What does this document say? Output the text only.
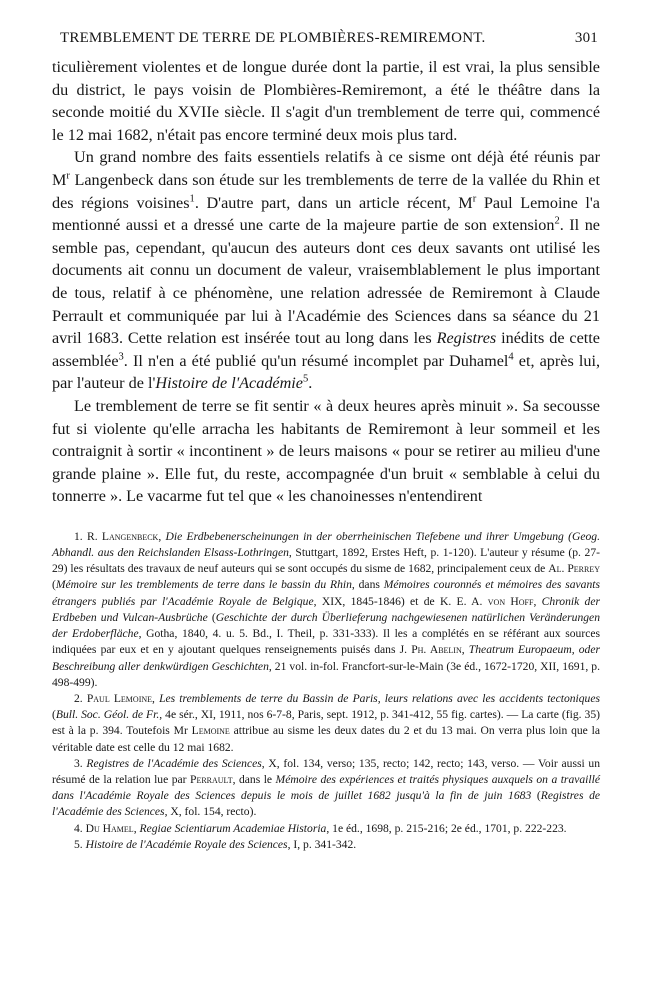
TREMBLEMENT DE TERRE DE PLOMBIÈRES-REMIREMONT.	301

ticulièrement violentes et de longue durée dont la partie, il est vrai, la plus sensible du district, le pays voisin de Plombières-Remiremont, a été le théâtre dans la seconde moitié du XVIIe siècle. Il s'agit d'un tremblement de terre qui, commencé le 12 mai 1682, n'était pas encore terminé deux mois plus tard.

Un grand nombre des faits essentiels relatifs à ce sisme ont déjà été réunis par $M^r$ Langenbeck dans son étude sur les tremblements de terre de la vallée du Rhin et des régions voisines$^1$. D'autre part, dans un article récent, $M^r$ Paul Lemoine l'a mentionné aussi et a dressé une carte de la majeure partie de son extension$^2$. Il ne semble pas, cependant, qu'aucun des auteurs dont ces deux savants ont utilisé les documents ait connu un document de valeur, vraisemblablement le plus important de tous, relatif à ce phénomène, une relation adressée de Remiremont à Claude Perrault et communiquée par lui à l'Académie des Sciences dans sa séance du 21 avril 1683. Cette relation est insérée tout au long dans les Registres inédits de cette assemblée$^3$. Il n'en a été publié qu'un résumé incomplet par Duhamel$^4$ et, après lui, par l'auteur de l'Histoire de l'Académie$^5$.

Le tremblement de terre se fit sentir « à deux heures après minuit ». Sa secousse fut si violente qu'elle arracha les habitants de Remiremont à leur sommeil et les contraignit à sortir « incontinent » de leurs maisons « pour se retirer au milieu d'une grande plaine ». Elle fut, du reste, accompagnée d'un bruit « semblable à celui du tonnerre ». Le vacarme fut tel que « les chanoinesses n'entendirent

1. R. Langenbeck, Die Erdbebenerscheinungen in der oberrheinischen Tiefebene und ihrer Umgebung (Geog. Abhandl. aus den Reichslanden Elsass-Lothringen, Stuttgart, 1892, Erstes Heft, p. 1-120). L'auteur y résume (p. 27-29) les résultats des travaux de neuf auteurs qui se sont occupés du sisme de 1682, principalement ceux de Al. Perrey (Mémoire sur les tremblements de terre dans le bassin du Rhin, dans Mémoires couronnés et mémoires des savants étrangers publiés par l'Académie Royale de Belgique, XIX, 1845-1846) et de K. E. A. von Hoff, Chronik der Erdbeben und Vulcan-Ausbrüche (Geschichte der durch Überlieferung nachgewiesenen natürlichen Veränderungen der Erdoberfläche, Gotha, 1840, 4. u. 5. Bd., I. Theil, p. 331-333). Il les a complétés en se référant aux sources indiquées par eux et en y ajoutant quelques renseignements puisés dans J. Ph. Abelin, Theatrum Europaeum, oder Beschreibung aller denkwürdigen Geschichten, 21 vol. in-fol. Francfort-sur-le-Main (3e éd., 1672-1720, XII, 1691, p. 498-499).

2. Paul Lemoine, Les tremblements de terre du Bassin de Paris, leurs relations avec les accidents tectoniques (Bull. Soc. Géol. de Fr., 4e sér., XI, 1911, nos 6-7-8, Paris, sept. 1912, p. 341-412, 55 fig. cartes). — La carte (fig. 35) est à la p. 394. Toutefois Mr Lemoine attribue au sisme les deux dates du 2 et du 13 mai. On verra plus loin que la véritable date est celle du 12 mai 1682.

3. Registres de l'Académie des Sciences, X, fol. 134, verso; 135, recto; 142, recto; 143, verso. — Voir aussi un résumé de la relation lue par Perrault, dans le Mémoire des expériences et traités physiques auxquels on a travaillé dans l'Académie Royale des Sciences depuis le mois de juillet 1682 jusqu'à la fin de juin 1683 (Registres de l'Académie des Sciences, X, fol. 154, recto).

4. Du Hamel, Regiae Scientiarum Academiae Historia, 1e éd., 1698, p. 215-216; 2e éd., 1701, p. 222-223.

5. Histoire de l'Académie Royale des Sciences, I, p. 341-342.
